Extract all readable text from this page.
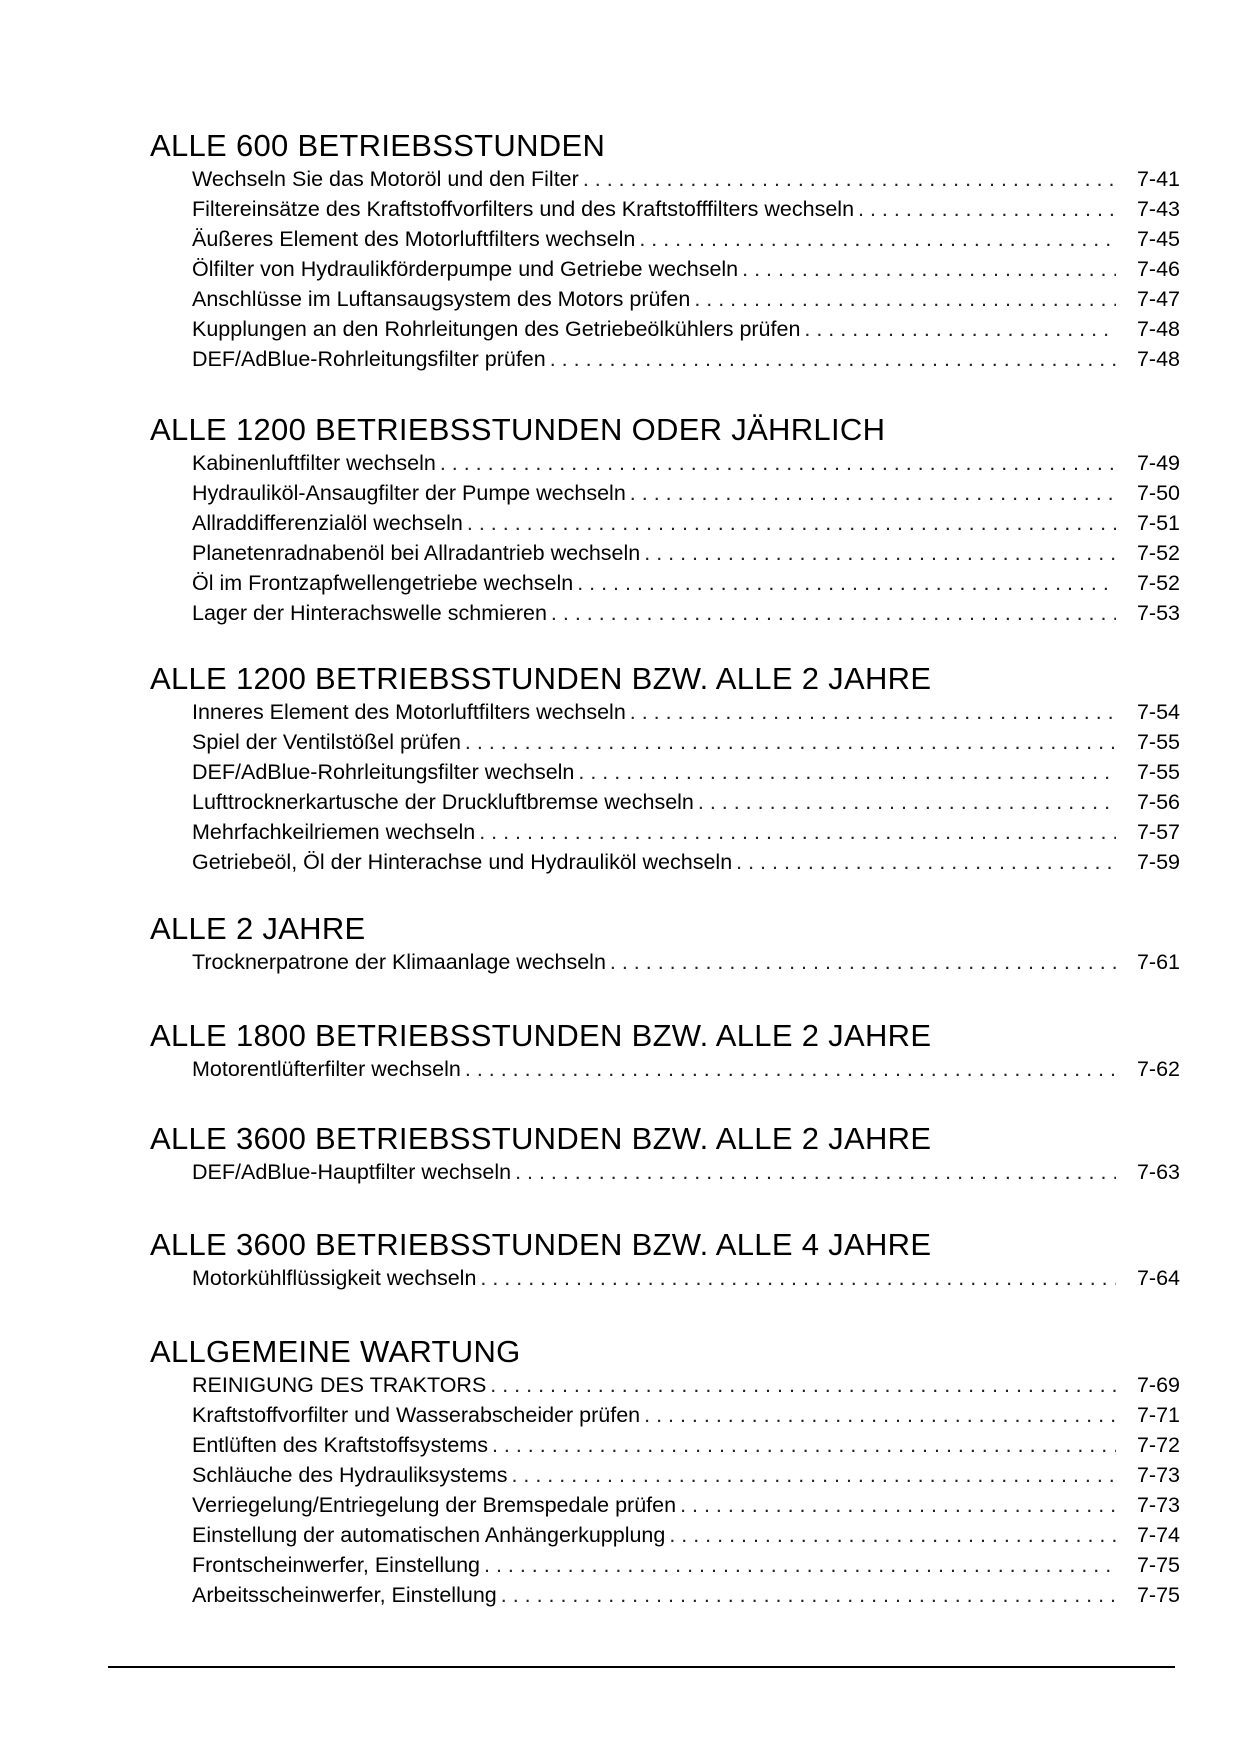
ALLE 600 BETRIEBSSTUNDEN
Wechseln Sie das Motoröl und den Filter . . .	7-41
Filtereinsätze des Kraftstoffvorfilters und des Kraftstofffilters wechseln . . .	7-43
Äußeres Element des Motorluftfilters wechseln . . .	7-45
Ölfilter von Hydraulikförderpumpe und Getriebe wechseln . . .	7-46
Anschlüsse im Luftansaugsystem des Motors prüfen . . .	7-47
Kupplungen an den Rohrleitungen des Getriebeölkühlers prüfen . . .	7-48
DEF/AdBlue-Rohrleitungsfilter prüfen . . .	7-48
ALLE 1200 BETRIEBSSTUNDEN ODER JÄHRLICH
Kabinenluftfilter wechseln . . .	7-49
Hydrauliköl-Ansaugfilter der Pumpe wechseln . . .	7-50
Allraddifferenzialöl wechseln . . .	7-51
Planetenradnabenöl bei Allradantrieb wechseln . . .	7-52
Öl im Frontzapfwellengetriebe wechseln . . .	7-52
Lager der Hinterachswelle schmieren . . .	7-53
ALLE 1200 BETRIEBSSTUNDEN BZW. ALLE 2 JAHRE
Inneres Element des Motorluftfilters wechseln . . .	7-54
Spiel der Ventilstößel prüfen . . .	7-55
DEF/AdBlue-Rohrleitungsfilter wechseln . . .	7-55
Lufttrocknerkartusche der Druckluftbremse wechseln . . .	7-56
Mehrfachkeilriemen wechseln . . .	7-57
Getriebeöl, Öl der Hinterachse und Hydrauliköl wechseln . . .	7-59
ALLE 2 JAHRE
Trocknerpatrone der Klimaanlage wechseln . . .	7-61
ALLE 1800 BETRIEBSSTUNDEN BZW. ALLE 2 JAHRE
Motorentlüfterfilter wechseln . . .	7-62
ALLE 3600 BETRIEBSSTUNDEN BZW. ALLE 2 JAHRE
DEF/AdBlue-Hauptfilter wechseln . . .	7-63
ALLE 3600 BETRIEBSSTUNDEN BZW. ALLE 4 JAHRE
Motorkühlflüssigkeit wechseln . . .	7-64
ALLGEMEINE WARTUNG
REINIGUNG DES TRAKTORS . . .	7-69
Kraftstoffvorfilter und Wasserabscheider prüfen . . .	7-71
Entlüften des Kraftstoffsystems . . .	7-72
Schläuche des Hydrauliksystems . . .	7-73
Verriegelung/Entriegelung der Bremspedale prüfen . . .	7-73
Einstellung der automatischen Anhängerkupplung . . .	7-74
Frontscheinwerfer, Einstellung . . .	7-75
Arbeitsscheinwerfer, Einstellung . . .	7-75
